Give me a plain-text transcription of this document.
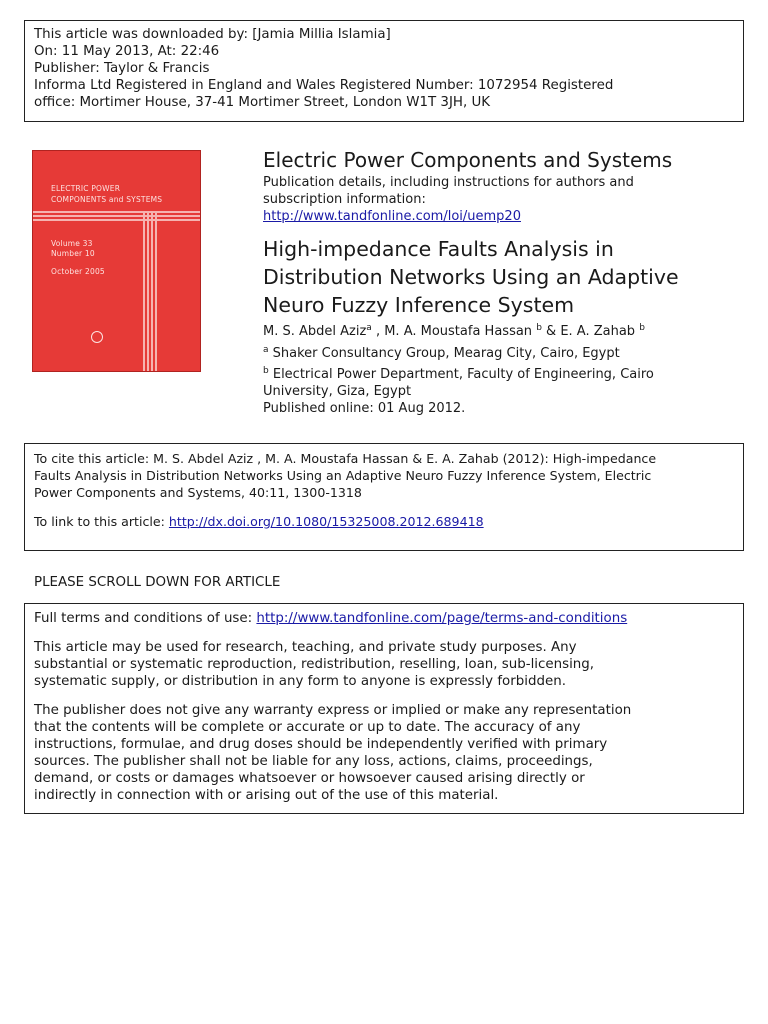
This article was downloaded by: [Jamia Millia Islamia]
On: 11 May 2013, At: 22:46
Publisher: Taylor & Francis
Informa Ltd Registered in England and Wales Registered Number: 1072954 Registered
office: Mortimer House, 37-41 Mortimer Street, London W1T 3JH, UK
ELECTRIC POWER
COMPONENTS and SYSTEMS
Volume 33
Number 10
October 2005
Electric Power Components and Systems
Publication details, including instructions for authors and
subscription information:
http://www.tandfonline.com/loi/uemp20
High-impedance Faults Analysis in
Distribution Networks Using an Adaptive
Neuro Fuzzy Inference System
M. S. Abdel Aziz$^a$ , M. A. Moustafa Hassan $^b$ & E. A. Zahab $^b$
$^a$ Shaker Consultancy Group, Mearag City, Cairo, Egypt
$^b$ Electrical Power Department, Faculty of Engineering, Cairo
University, Giza, Egypt
Published online: 01 Aug 2012.
To cite this article: M. S. Abdel Aziz , M. A. Moustafa Hassan & E. A. Zahab (2012): High-impedance
Faults Analysis in Distribution Networks Using an Adaptive Neuro Fuzzy Inference System, Electric
Power Components and Systems, 40:11, 1300-1318
To link to this article: http://dx.doi.org/10.1080/15325008.2012.689418
PLEASE SCROLL DOWN FOR ARTICLE
Full terms and conditions of use: http://www.tandfonline.com/page/terms-and-conditions
This article may be used for research, teaching, and private study purposes. Any
substantial or systematic reproduction, redistribution, reselling, loan, sub-licensing,
systematic supply, or distribution in any form to anyone is expressly forbidden.
The publisher does not give any warranty express or implied or make any representation
that the contents will be complete or accurate or up to date. The accuracy of any
instructions, formulae, and drug doses should be independently verified with primary
sources. The publisher shall not be liable for any loss, actions, claims, proceedings,
demand, or costs or damages whatsoever or howsoever caused arising directly or
indirectly in connection with or arising out of the use of this material.
